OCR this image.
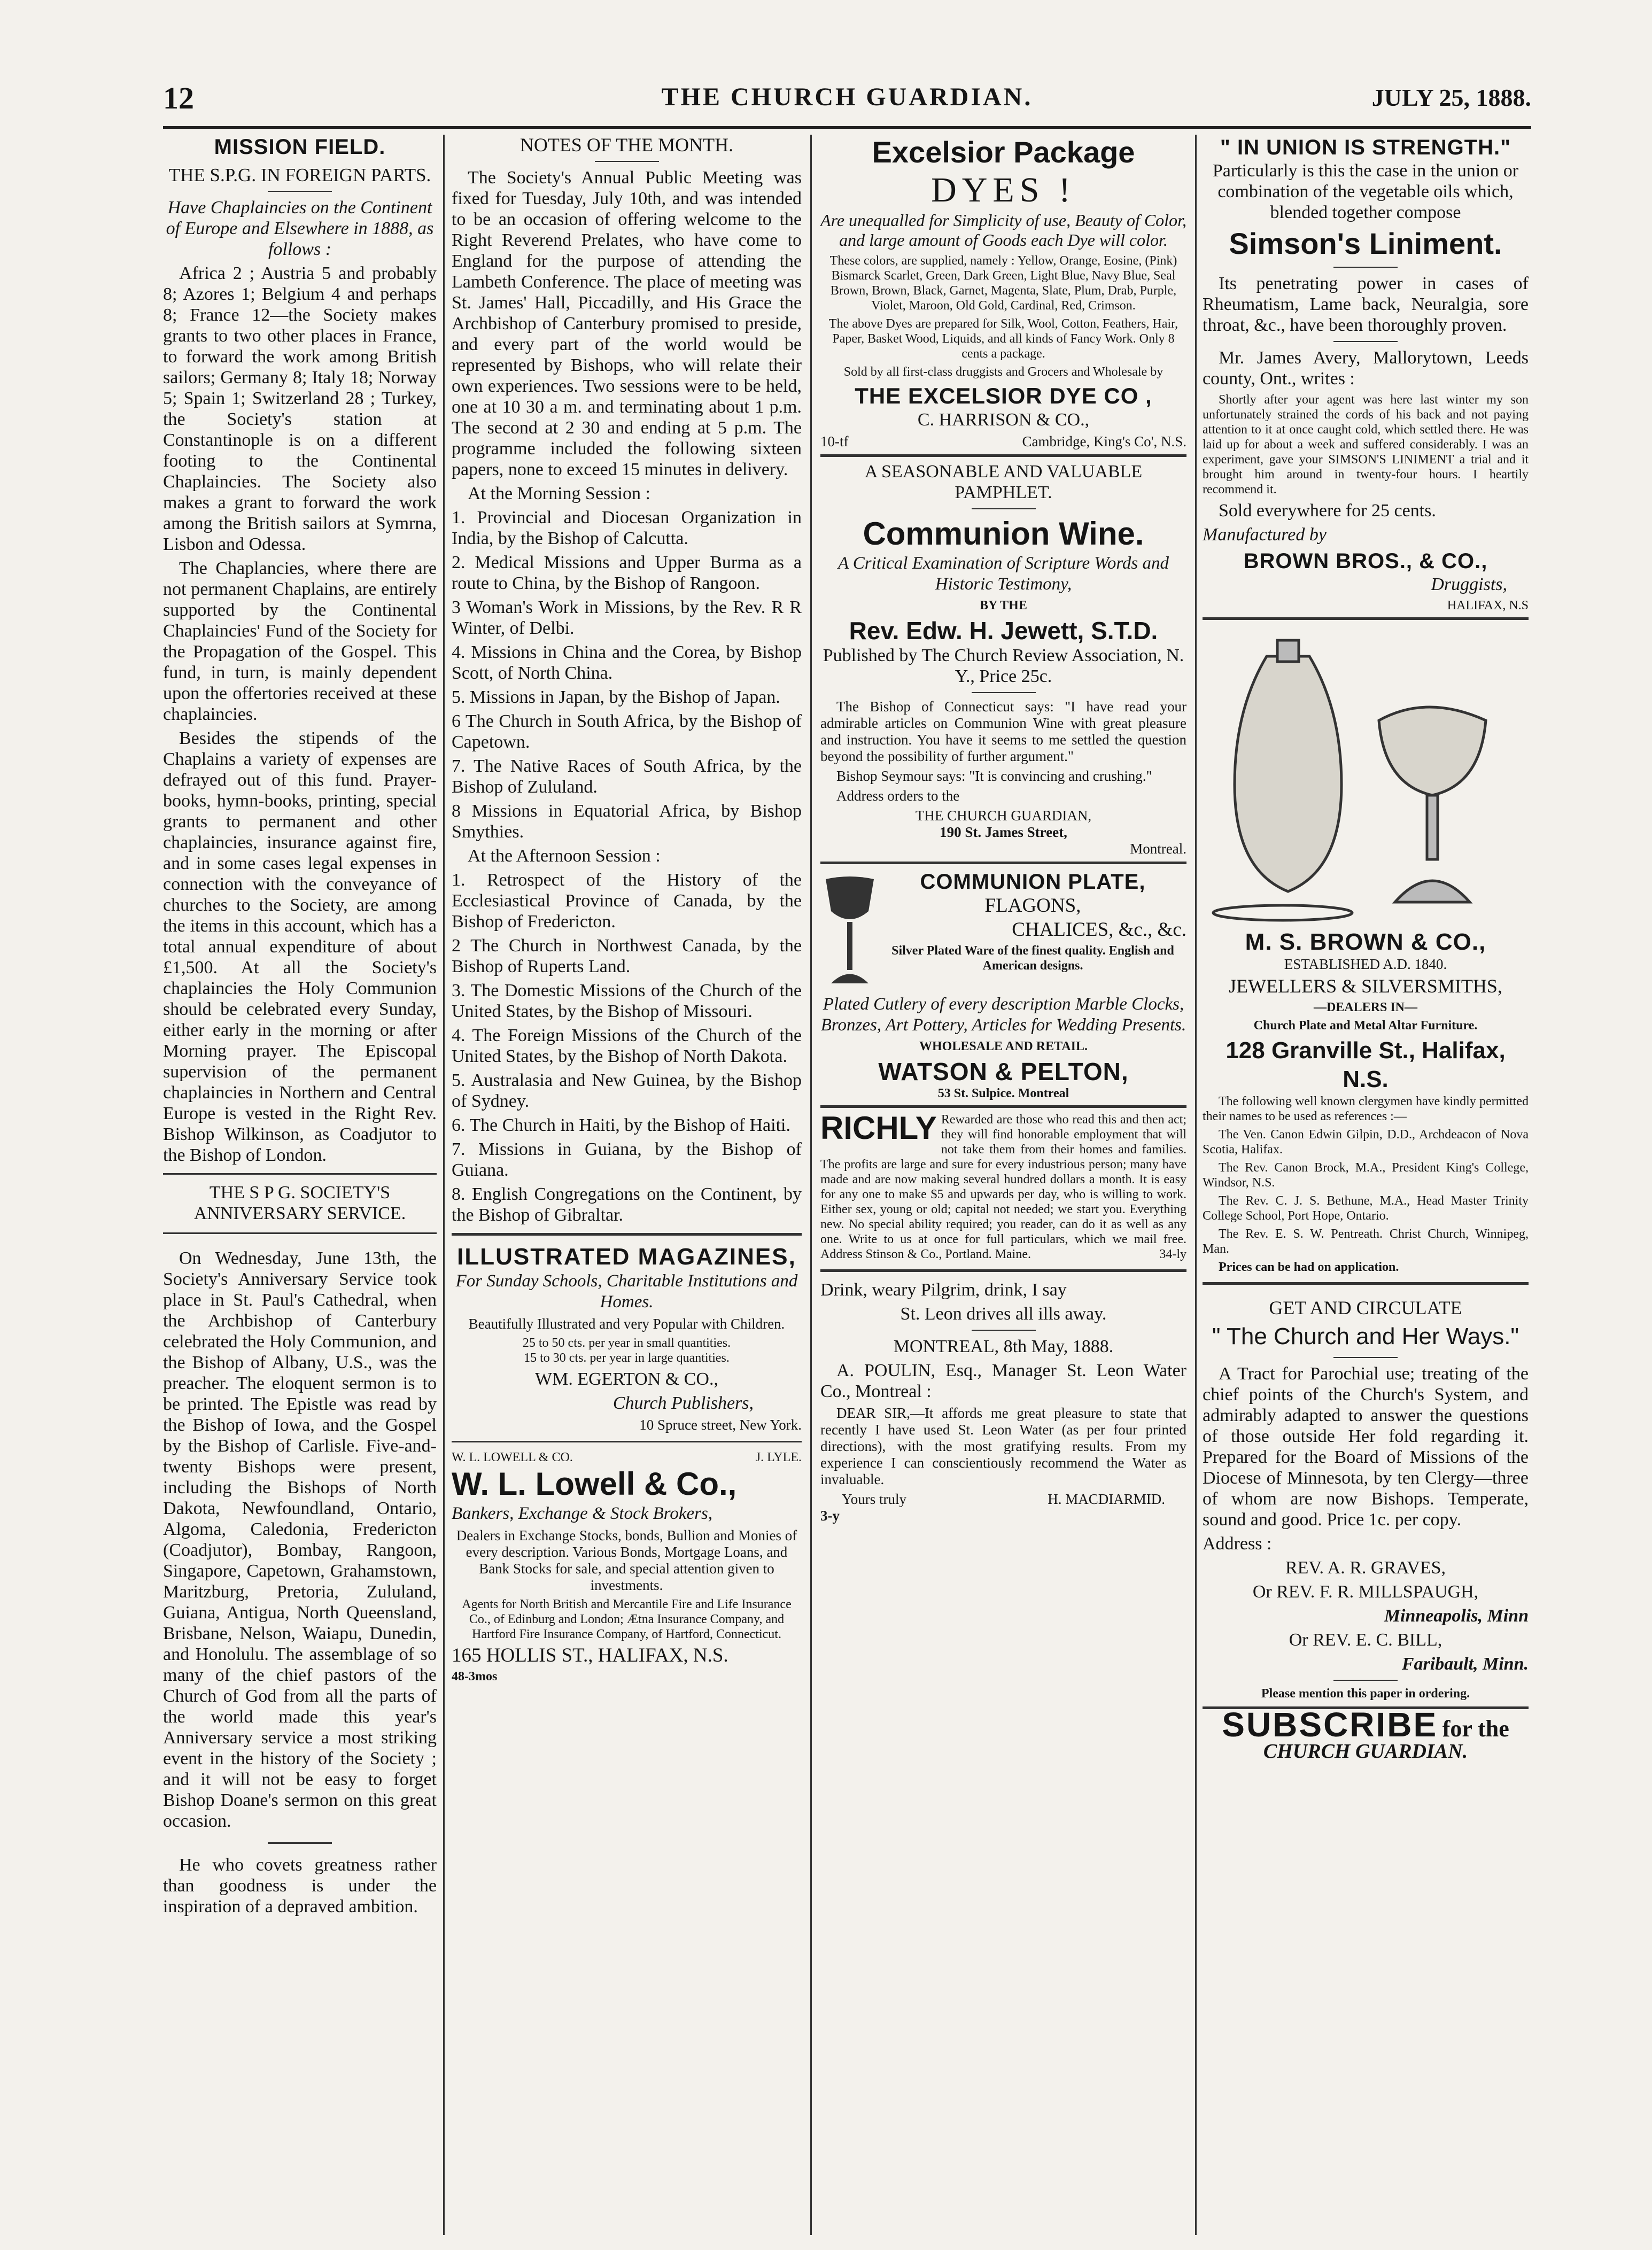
12	THE CHURCH GUARDIAN.	JULY 25, 1888.
MISSION FIELD.
THE S.P.G. IN FOREIGN PARTS.

Have Chaplaincies on the Continent of Europe and Elsewhere in 1888, as follows :

Africa 2 ; Austria 5 and probably 8; Azores 1; Belgium 4 and perhaps 8; France 12—the Society makes grants to two other places in France, to forward the work among British sailors; Germany 8; Italy 18; Norway 5; Spain 1; Switzerland 28 ; Turkey, the Society's station at Constantinople is on a different footing to the Continental Chaplaincies. The Society also makes a grant to forward the work among the British sailors at Symrna, Lisbon and Odessa.

The Chaplancies, where there are not permanent Chaplains, are entirely supported by the Continental Chaplaincies' Fund of the Society for the Propagation of the Gospel. This fund, in turn, is mainly dependent upon the offertories received at these chaplaincies.

Besides the stipends of the Chaplains a variety of expenses are defrayed out of this fund. Prayer-books, hymn-books, printing, special grants to permanent and other chaplaincies, insurance against fire, and in some cases legal expenses in connection with the conveyance of churches to the Society, are among the items in this account, which has a total annual expenditure of about £1,500. At all the Society's chaplaincies the Holy Communion should be celebrated every Sunday, either early in the morning or after Morning prayer. The Episcopal supervision of the permanent chaplaincies in Northern and Central Europe is vested in the Right Rev. Bishop Wilkinson, as Coadjutor to the Bishop of London.

THE S P G. SOCIETY'S ANNIVERSARY SERVICE.

On Wednesday, June 13th, the Society's Anniversary Service took place in St. Paul's Cathedral, when the Archbishop of Canterbury celebrated the Holy Communion, and the Bishop of Albany, U.S., was the preacher. The eloquent sermon is to be printed. The Epistle was read by the Bishop of Iowa, and the Gospel by the Bishop of Carlisle. Five-and-twenty Bishops were present, including the Bishops of North Dakota, Newfoundland, Ontario, Algoma, Caledonia, Fredericton (Coadjutor), Bombay, Rangoon, Singapore, Capetown, Grahamstown, Maritzburg, Pretoria, Zululand, Guiana, Antigua, North Queensland, Brisbane, Nelson, Waiapu, Dunedin, and Honolulu. The assemblage of so many of the chief pastors of the Church of God from all the parts of the world made this year's Anniversary service a most striking event in the history of the Society ; and it will not be easy to forget Bishop Doane's sermon on this great occasion.

He who covets greatness rather than goodness is under the inspiration of a depraved ambition.

NOTES OF THE MONTH.

The Society's Annual Public Meeting was fixed for Tuesday, July 10th, and was intended to be an occasion of offering welcome to the Right Reverend Prelates, who have come to England for the purpose of attending the Lambeth Conference. The place of meeting was St. James' Hall, Piccadilly, and His Grace the Archbishop of Canterbury promised to preside, and every part of the world would be represented by Bishops, who will relate their own experiences. Two sessions were to be held, one at 10 30 a m. and terminating about 1 p.m. The second at 2 30 and ending at 5 p.m. The programme included the following sixteen papers, none to exceed 15 minutes in delivery.

At the Morning Session :

1. Provincial and Diocesan Organization in India, by the Bishop of Calcutta.

2. Medical Missions and Upper Burma as a route to China, by the Bishop of Rangoon.

3 Woman's Work in Missions, by the Rev. R R Winter, of Delbi.

4. Missions in China and the Corea, by Bishop Scott, of North China.

5. Missions in Japan, by the Bishop of Japan.

6 The Church in South Africa, by the Bishop of Capetown.

7. The Native Races of South Africa, by the Bishop of Zululand.

8 Missions in Equatorial Africa, by Bishop Smythies.

At the Afternoon Session :

1. Retrospect of the History of the Ecclesiastical Province of Canada, by the Bishop of Fredericton.

2 The Church in Northwest Canada, by the Bishop of Ruperts Land.

3. The Domestic Missions of the Church of the United States, by the Bishop of Missouri.

4. The Foreign Missions of the Church of the United States, by the Bishop of North Dakota.

5. Australasia and New Guinea, by the Bishop of Sydney.

6. The Church in Haiti, by the Bishop of Haiti.

7. Missions in Guiana, by the Bishop of Guiana.

8. English Congregations on the Continent, by the Bishop of Gibraltar.

ILLUSTRATED MAGAZINES,

For Sunday Schools, Charitable Institutions and Homes.

Beautifully Illustrated and very Popular with Children.

25 to 50 cts. per year in small quantities.

15 to 30 cts. per year in large quantities.

WM. EGERTON & CO.,

Church Publishers,

10 Spruce street, New York.

W. L. LOWELL & CO.	J. LYLE.
W. L. Lowell & Co.,

Bankers, Exchange & Stock Brokers,

Dealers in Exchange Stocks, bonds, Bullion and Monies of every description. Various Bonds, Mortgage Loans, and Bank Stocks for sale, and special attention given to investments.

Agents for North British and Mercantile Fire and Life Insurance Co., of Edinburg and London; Ætna Insurance Company, and Hartford Fire Insurance Company, of Hartford, Connecticut.

165 HOLLIS ST., HALIFAX, N.S.

48-3mos

Excelsior Package
DYES !

Are unequalled for Simplicity of use, Beauty of Color, and large amount of Goods each Dye will color.

These colors, are supplied, namely : Yellow, Orange, Eosine, (Pink) Bismarck Scarlet, Green, Dark Green, Light Blue, Navy Blue, Seal Brown, Brown, Black, Garnet, Magenta, Slate, Plum, Drab, Purple, Violet, Maroon, Old Gold, Cardinal, Red, Crimson.

The above Dyes are prepared for Silk, Wool, Cotton, Feathers, Hair, Paper, Basket Wood, Liquids, and all kinds of Fancy Work. Only 8 cents a package.

Sold by all first-class druggists and Grocers and Wholesale by

THE EXCELSIOR DYE CO ,

C. HARRISON & CO.,

10-tf	Cambridge, King's Co', N.S.

A SEASONABLE AND VALUABLE PAMPHLET.

Communion Wine.

A Critical Examination of Scripture Words and Historic Testimony,

BY THE

Rev. Edw. H. Jewett, S.T.D.

Published by The Church Review Association, N. Y., Price 25c.

The Bishop of Connecticut says: "I have read your admirable articles on Communion Wine with great pleasure and instruction. You have it seems to me settled the question beyond the possibility of further argument."

Bishop Seymour says: "It is convincing and crushing."

Address orders to the

THE CHURCH GUARDIAN,

190 St. James Street,

Montreal.

COMMUNION PLATE,

FLAGONS,

CHALICES, &c., &c.

Silver Plated Ware of the finest quality. English and American designs.

Plated Cutlery of every description Marble Clocks, Bronzes, Art Pottery, Articles for Wedding Presents.

WHOLESALE AND RETAIL.

WATSON & PELTON,

53 St. Sulpice. Montreal

RICHLY Rewarded are those who read this and then act; they will find honorable employment that will not take them from their homes and families. The profits are large and sure for every industrious person; many have made and are now making several hundred dollars a month. It is easy for any one to make $5 and upwards per day, who is willing to work. Either sex, young or old; capital not needed; we start you. Everything new. No special ability required; you reader, can do it as well as any one. Write to us at once for full particulars, which we mail free. Address Stinson & Co., Portland. Maine.	34-ly

Drink, weary Pilgrim, drink, I say

St. Leon drives all ills away.

MONTREAL, 8th May, 1888.

A. POULIN, Esq., Manager St. Leon Water Co., Montreal :

DEAR SIR,—It affords me great pleasure to state that recently I have used St. Leon Water (as per four printed directions), with the most gratifying results. From my experience I can conscientiously recommend the Water as invaluable.

Yours truly	H. MACDIARMID.

3-y

" IN UNION IS STRENGTH."

Particularly is this the case in the union or combination of the vegetable oils which, blended together compose

Simson's Liniment.

Its penetrating power in cases of Rheumatism, Lame back, Neuralgia, sore throat, &c., have been thoroughly proven.

Mr. James Avery, Mallorytown, Leeds county, Ont., writes :

Shortly after your agent was here last winter my son unfortunately strained the cords of his back and not paying attention to it at once caught cold, which settled there. He was laid up for about a week and suffered considerably. I was an experiment, gave your SIMSON'S LINIMENT a trial and it brought him around in twenty-four hours. I heartily recommend it.

Sold everywhere for 25 cents.

Manufactured by

BROWN BROS., & CO.,

Druggists,

HALIFAX, N.S

M. S. BROWN & CO.,

ESTABLISHED A.D. 1840.

JEWELLERS & SILVERSMITHS,

—DEALERS IN—

Church Plate and Metal Altar Furniture.

128 Granville St., Halifax, N.S.

The following well known clergymen have kindly permitted their names to be used as references :—

The Ven. Canon Edwin Gilpin, D.D., Archdeacon of Nova Scotia, Halifax.

The Rev. Canon Brock, M.A., President King's College, Windsor, N.S.

The Rev. C. J. S. Bethune, M.A., Head Master Trinity College School, Port Hope, Ontario.

The Rev. E. S. W. Pentreath. Christ Church, Winnipeg, Man.

Prices can be had on application.

GET AND CIRCULATE

" The Church and Her Ways."

A Tract for Parochial use; treating of the chief points of the Church's System, and admirably adapted to answer the questions of those outside Her fold regarding it. Prepared for the Board of Missions of the Diocese of Minnesota, by ten Clergy—three of whom are now Bishops. Temperate, sound and good. Price 1c. per copy.

Address :

REV. A. R. GRAVES,

Or REV. F. R. MILLSPAUGH,

Minneapolis, Minn

Or REV. E. C. BILL,

Faribault, Minn.

Please mention this paper in ordering.

SUBSCRIBE for the
CHURCH GUARDIAN.
